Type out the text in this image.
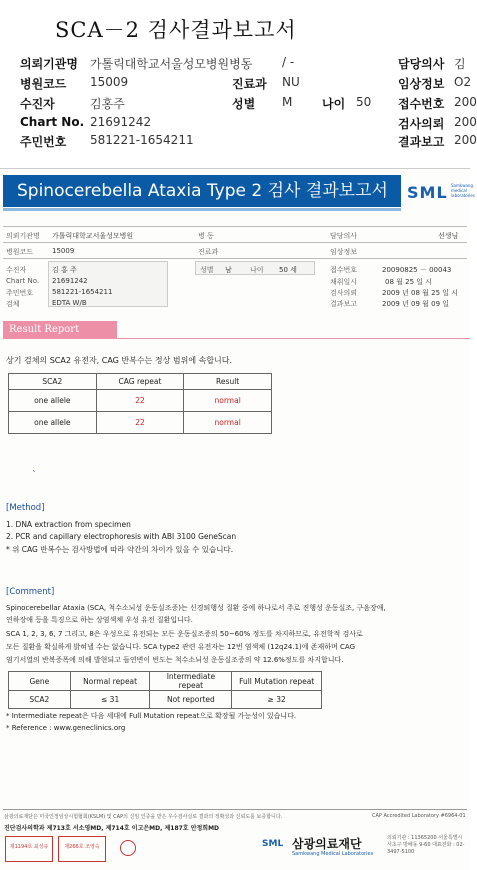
SCA－2 검사결과보고서
의뢰기관명 가톨릭대학교서울성모병원병동 / -	담당의사 김
병원코드 15009	진료과 NU	임상정보 O2
수진자	김홍주	성별 M 나이 50 접수번호 200
Chart No. 21691242	검사의뢰 200
주민번호 581221-1654211	결과보고 200
Spinocerebella Ataxia Type 2 검사 결과보고서	SML Samkwang medical laboratories
의뢰기관명 가톨릭대학교서울성모병원	병 동	담당의사	선생님
병원코드	15009	진료과	임상정보
수진자	김 홍 주	성별 남	나이 50 세	접수번호	20090825 － 00043
Chart No. 21691242	채취일시	08 월 25 일 시
주민번호	581221-1654211	검사의뢰	2009 년 08 월 25 일 시
검체	EDTA W/B	결과보고	2009 년 09 월 09 일
Result Report
상기 검체의 SCA2 유전자, CAG 반복수는 정상 범위에 속합니다.
SCA2	CAG repeat	Result
one allele	22	normal
one allele	22	normal
ˎ
[Method]
1. DNA extraction from specimen
2. PCR and capillary electrophoresis with ABI 3100 GeneScan
* 위 CAG 반복수는 검사방법에 따라 약간의 차이가 있을 수 있습니다.
[Comment]
Spinocerebellar Ataxia (SCA, 척수소뇌성 운동실조증)는 신경퇴행성 질환 중에 하나로서 주로 진행성 운동실조, 구음장애,
연하장애 등을 특징으로 하는 상염색체 우성 유전 질환입니다.
SCA 1, 2, 3, 6, 7 그리고, 8은 우성으로 유전되는 모든 운동실조증의 50~60% 정도를 차지하므로, 유전학적 검사로
모든 질환을 확실하게 밝혀낼 수는 없습니다. SCA type2 관련 유전자는 12번 염색체 (12q24.1)에 존재하며 CAG
염기서열의 반복증폭에 의해 발현되고 들연변이 빈도는 척수소뇌성 운동실조증의 약 12.6%정도를 차지합니다.
Gene	Normal repeat	Intermediate repeat	Full Mutation repeat
SCA2	≤ 31	Not reported	≥ 32
* Intermediate repeat은 다음 세대에 Full Mutation repeat으로 확장될 가능성이 있습니다.
* Reference : www.geneclinics.org
삼광의료재단은 미국인정임상시험협회(KSLM) 및 CAP의 신임 인증을 받은 우수검사실로 결과의 정확성과 신뢰도를 보증합니다.	CAP Accredited Laboratory #6964-01
진단검사의학과 제713호 서소영MD, 제714호 이고은MD, 제187호 안정희MD
제1194호 최성규	제266호 조영숙	SML 삼광의료재단
Samkwang Medical Laboratories
의뢰기관 : 11365200 서울특별시 서초구 방배동 9-60 대표전화 : 02-3497-5100
